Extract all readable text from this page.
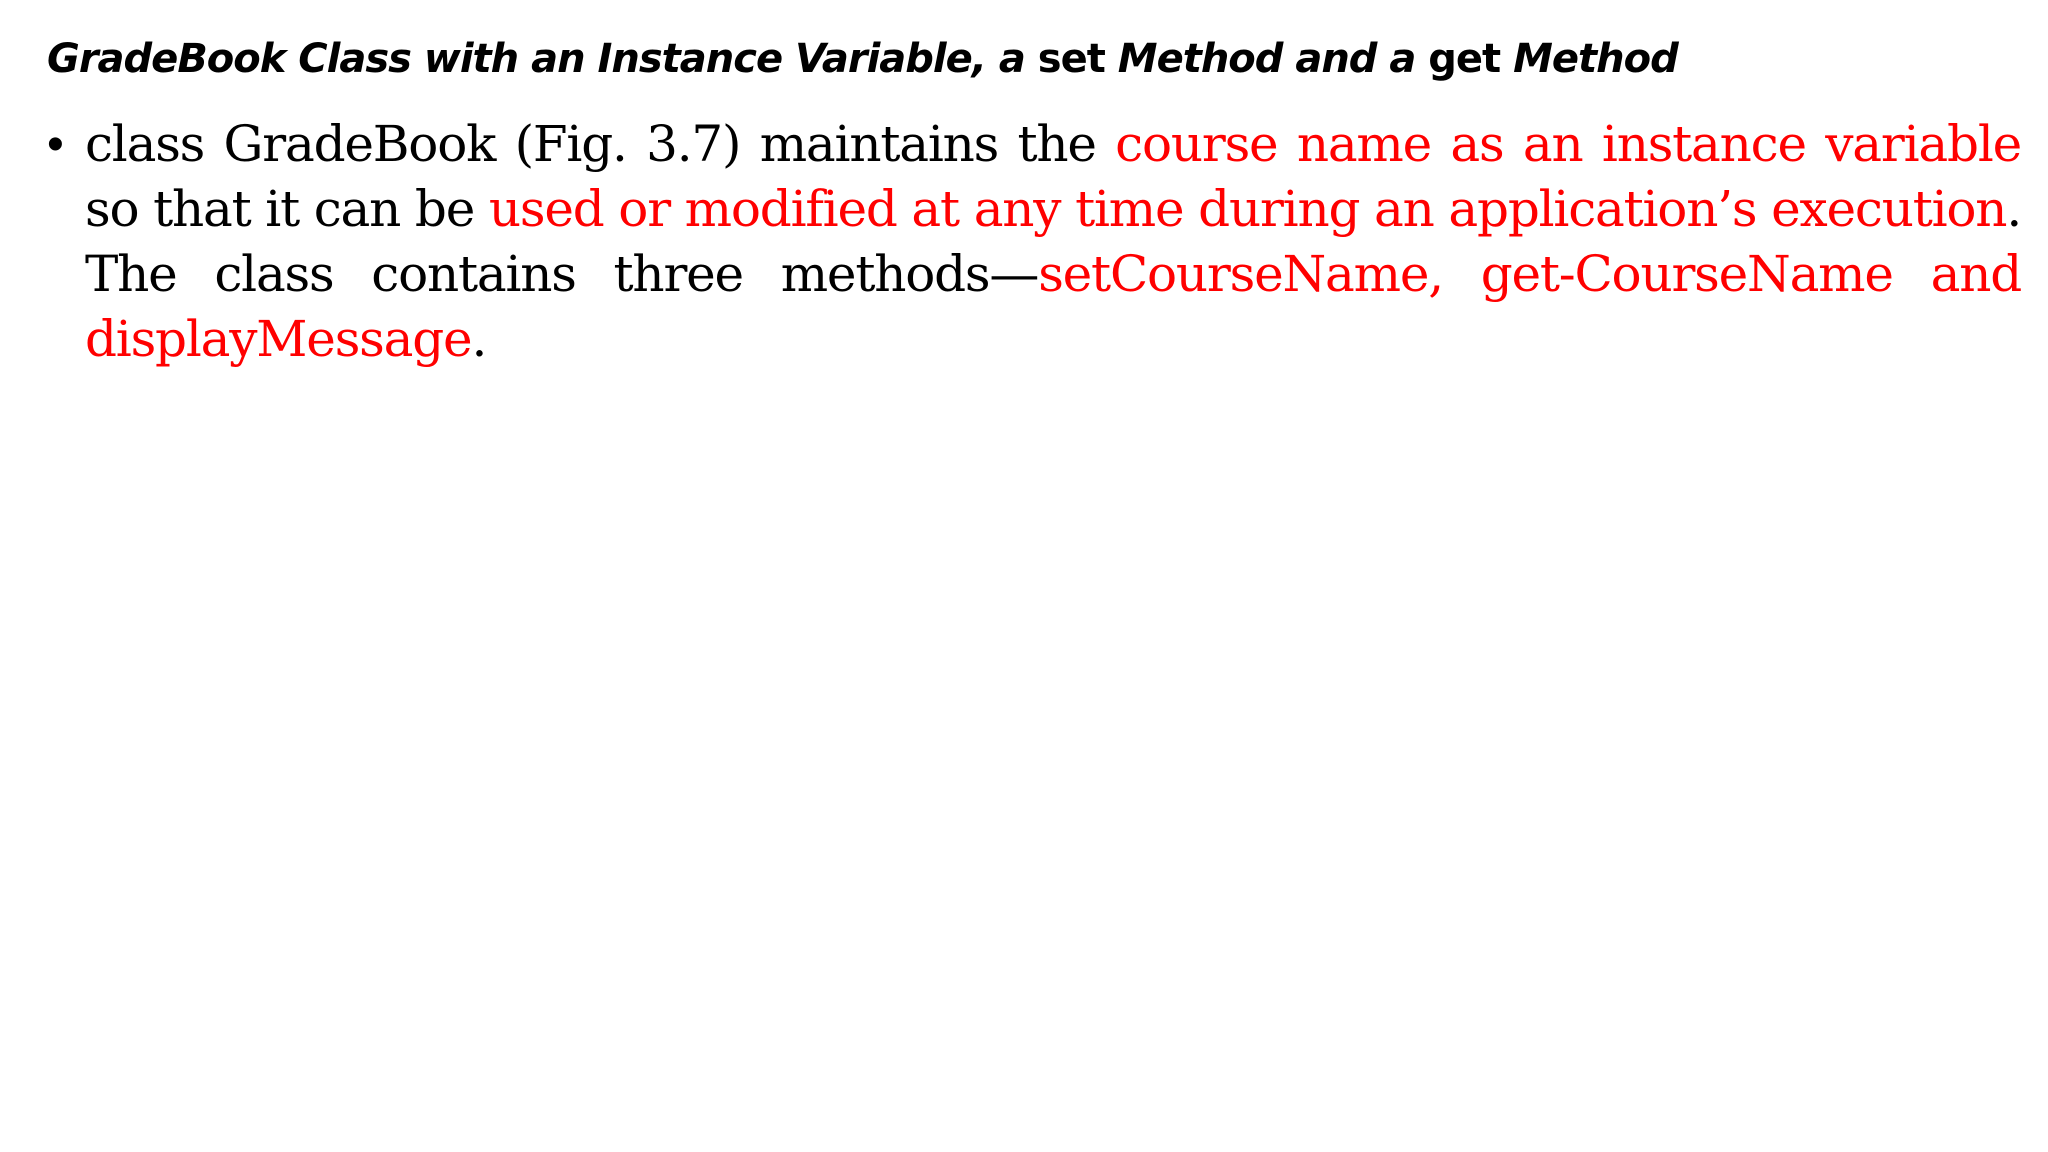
GradeBook Class with an Instance Variable, a set Method and a get Method
• class GradeBook (Fig. 3.7) maintains the course name as an instance variable so that it can be used or modified at any time during an application’s execution. The class contains three methods—setCourseName, get-CourseName and displayMessage.
